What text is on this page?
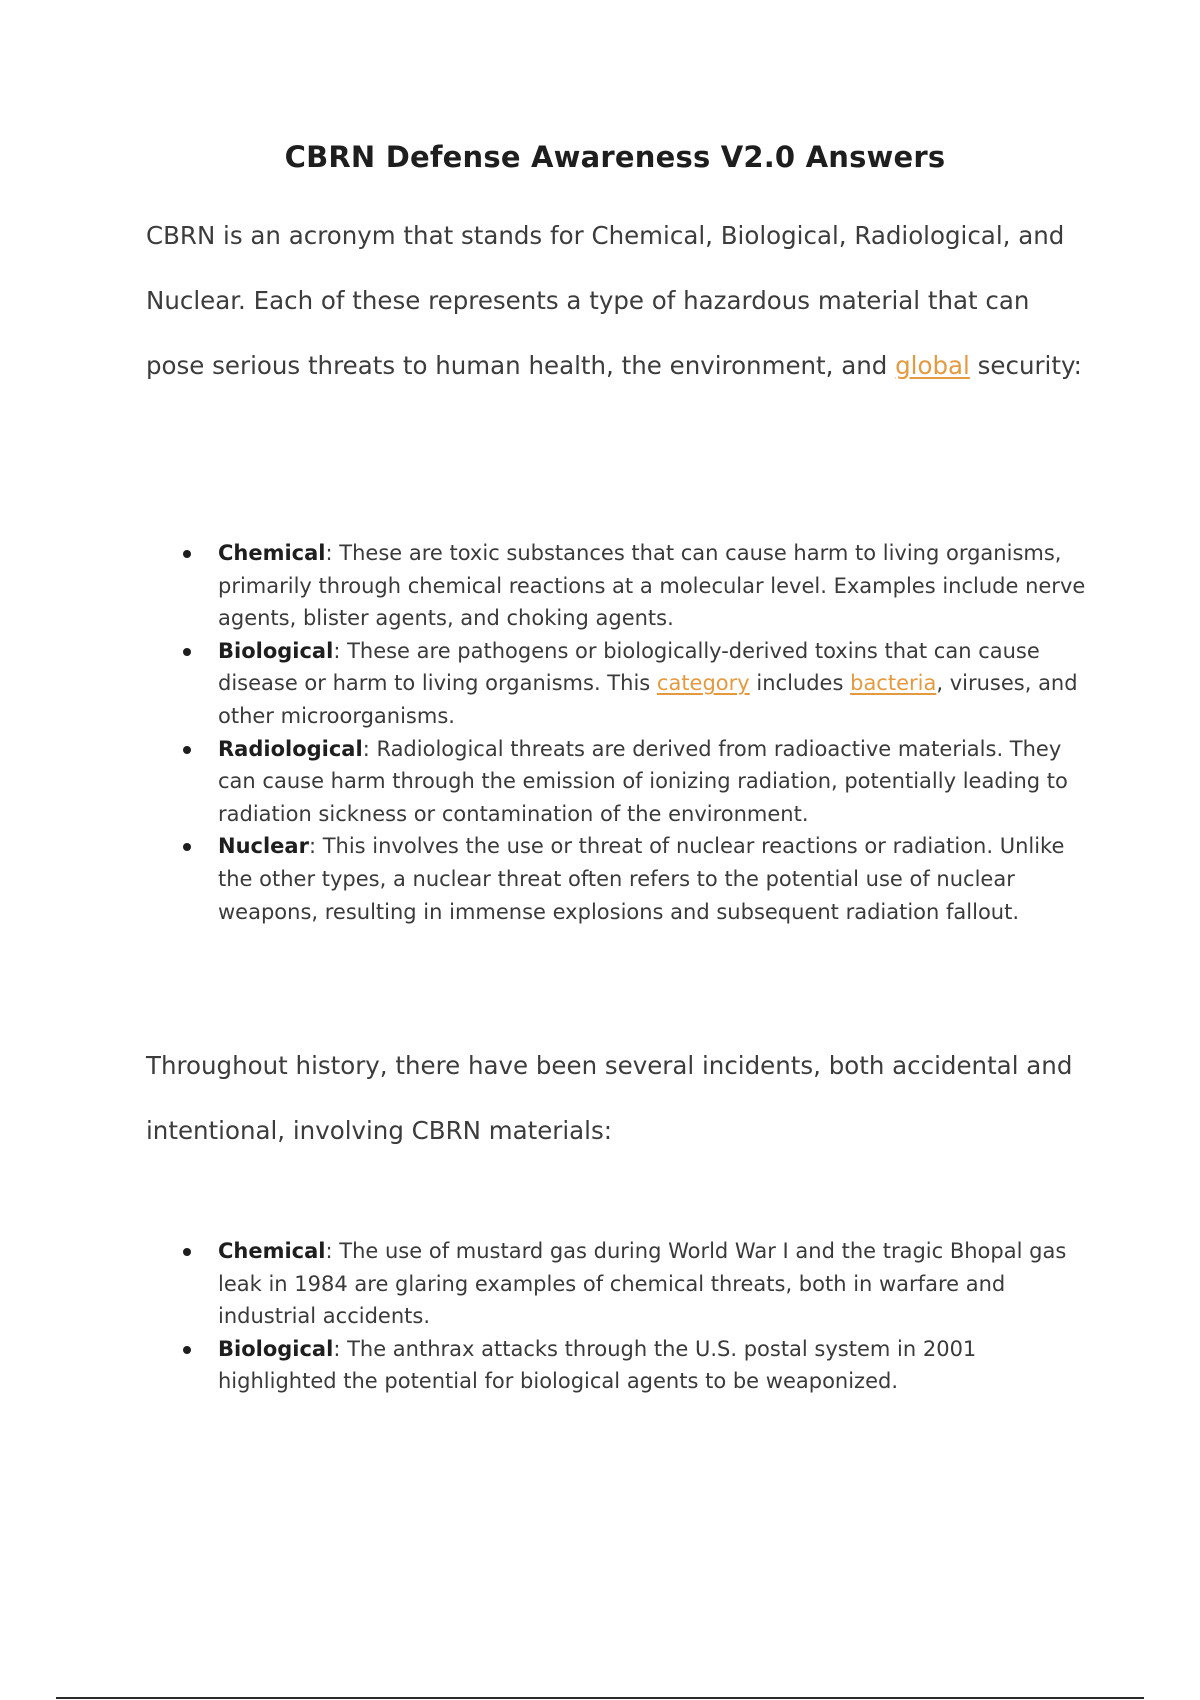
CBRN Defense Awareness V2.0 Answers

CBRN is an acronym that stands for Chemical, Biological, Radiological, and Nuclear. Each of these represents a type of hazardous material that can pose serious threats to human health, the environment, and global security:

Chemical: These are toxic substances that can cause harm to living organisms, primarily through chemical reactions at a molecular level. Examples include nerve agents, blister agents, and choking agents.
Biological: These are pathogens or biologically-derived toxins that can cause disease or harm to living organisms. This category includes bacteria, viruses, and other microorganisms.
Radiological: Radiological threats are derived from radioactive materials. They can cause harm through the emission of ionizing radiation, potentially leading to radiation sickness or contamination of the environment.
Nuclear: This involves the use or threat of nuclear reactions or radiation. Unlike the other types, a nuclear threat often refers to the potential use of nuclear weapons, resulting in immense explosions and subsequent radiation fallout.

Throughout history, there have been several incidents, both accidental and intentional, involving CBRN materials:

Chemical: The use of mustard gas during World War I and the tragic Bhopal gas leak in 1984 are glaring examples of chemical threats, both in warfare and industrial accidents.
Biological: The anthrax attacks through the U.S. postal system in 2001 highlighted the potential for biological agents to be weaponized.
